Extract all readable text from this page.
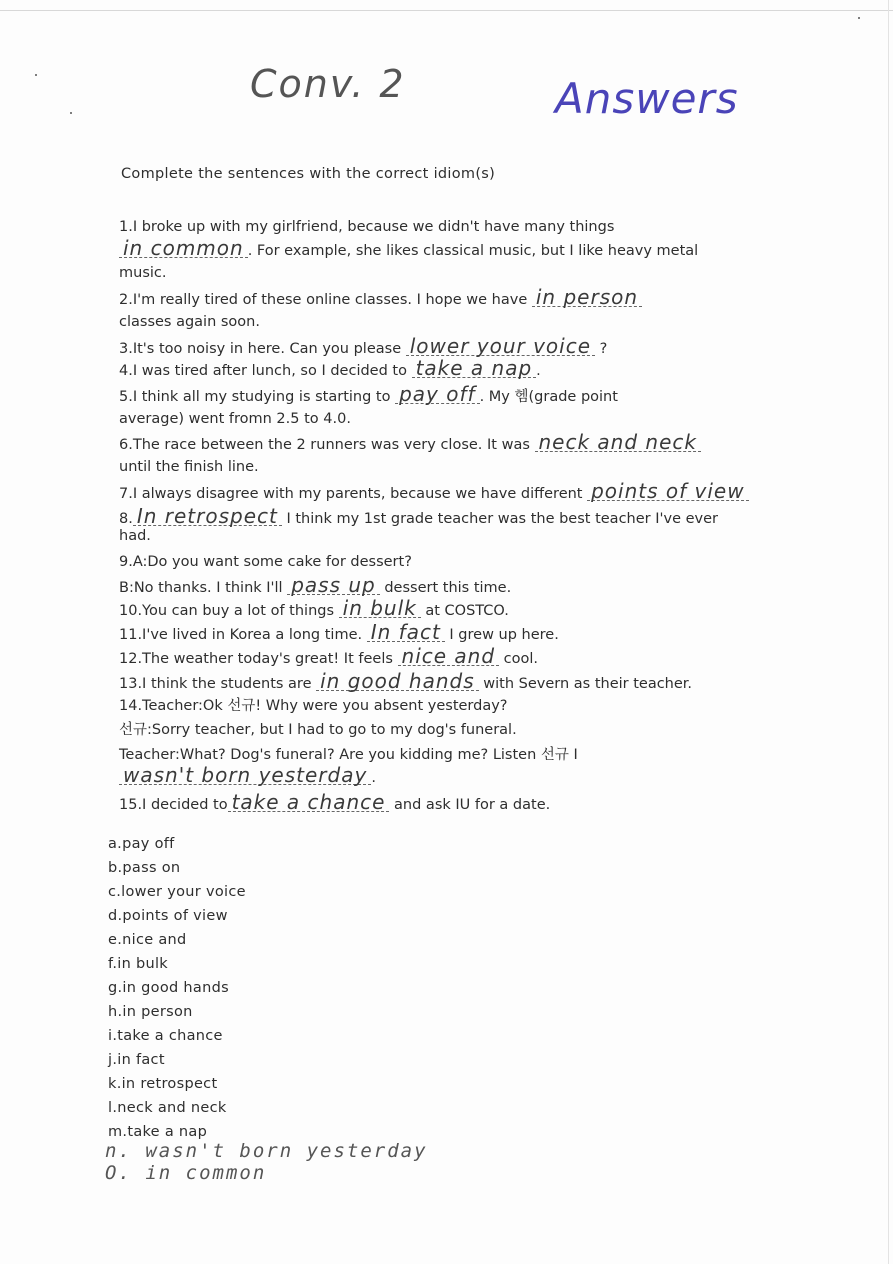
Conv. 2	Answers
Complete the sentences with the correct idiom(s)
1.I broke up with my girlfriend, because we didn't have many things
in common . For example, she likes classical music, but I like heavy metal
music.
2.I'm really tired of these online classes. I hope we have in person
classes again soon.
3.It's too noisy in here. Can you please lower your voice ?
4.I was tired after lunch, so I decided to take a nap .
5.I think all my studying is starting to pay off . My 헴(grade point
average) went fromn 2.5 to 4.0.
6.The race between the 2 runners was very close. It was neck and neck
until the finish line.
7.I always disagree with my parents, because we have different points of view
8. In retrospect I think my 1st grade teacher was the best teacher I've ever
had.
9.A:Do you want some cake for dessert?
B:No thanks. I think I'll pass up dessert this time.
10.You can buy a lot of things in bulk at COSTCO.
11.I've lived in Korea a long time. In fact I grew up here.
12.The weather today's great! It feels nice and cool.
13.I think the students are in good hands with Severn as their teacher.
14.Teacher:Ok 선규! Why were you absent yesterday?
선규:Sorry teacher, but I had to go to my dog's funeral.
Teacher:What? Dog's funeral? Are you kidding me? Listen 선규 I
wasn't born yesterday .
15.I decided to take a chance and ask IU for a date.
a.pay off
b.pass on
c.lower your voice
d.points of view
e.nice and
f.in bulk
g.in good hands
h.in person
i.take a chance
j.in fact
k.in retrospect
l.neck and neck
m.take a nap
n. wasn't born yesterday
O. in common
